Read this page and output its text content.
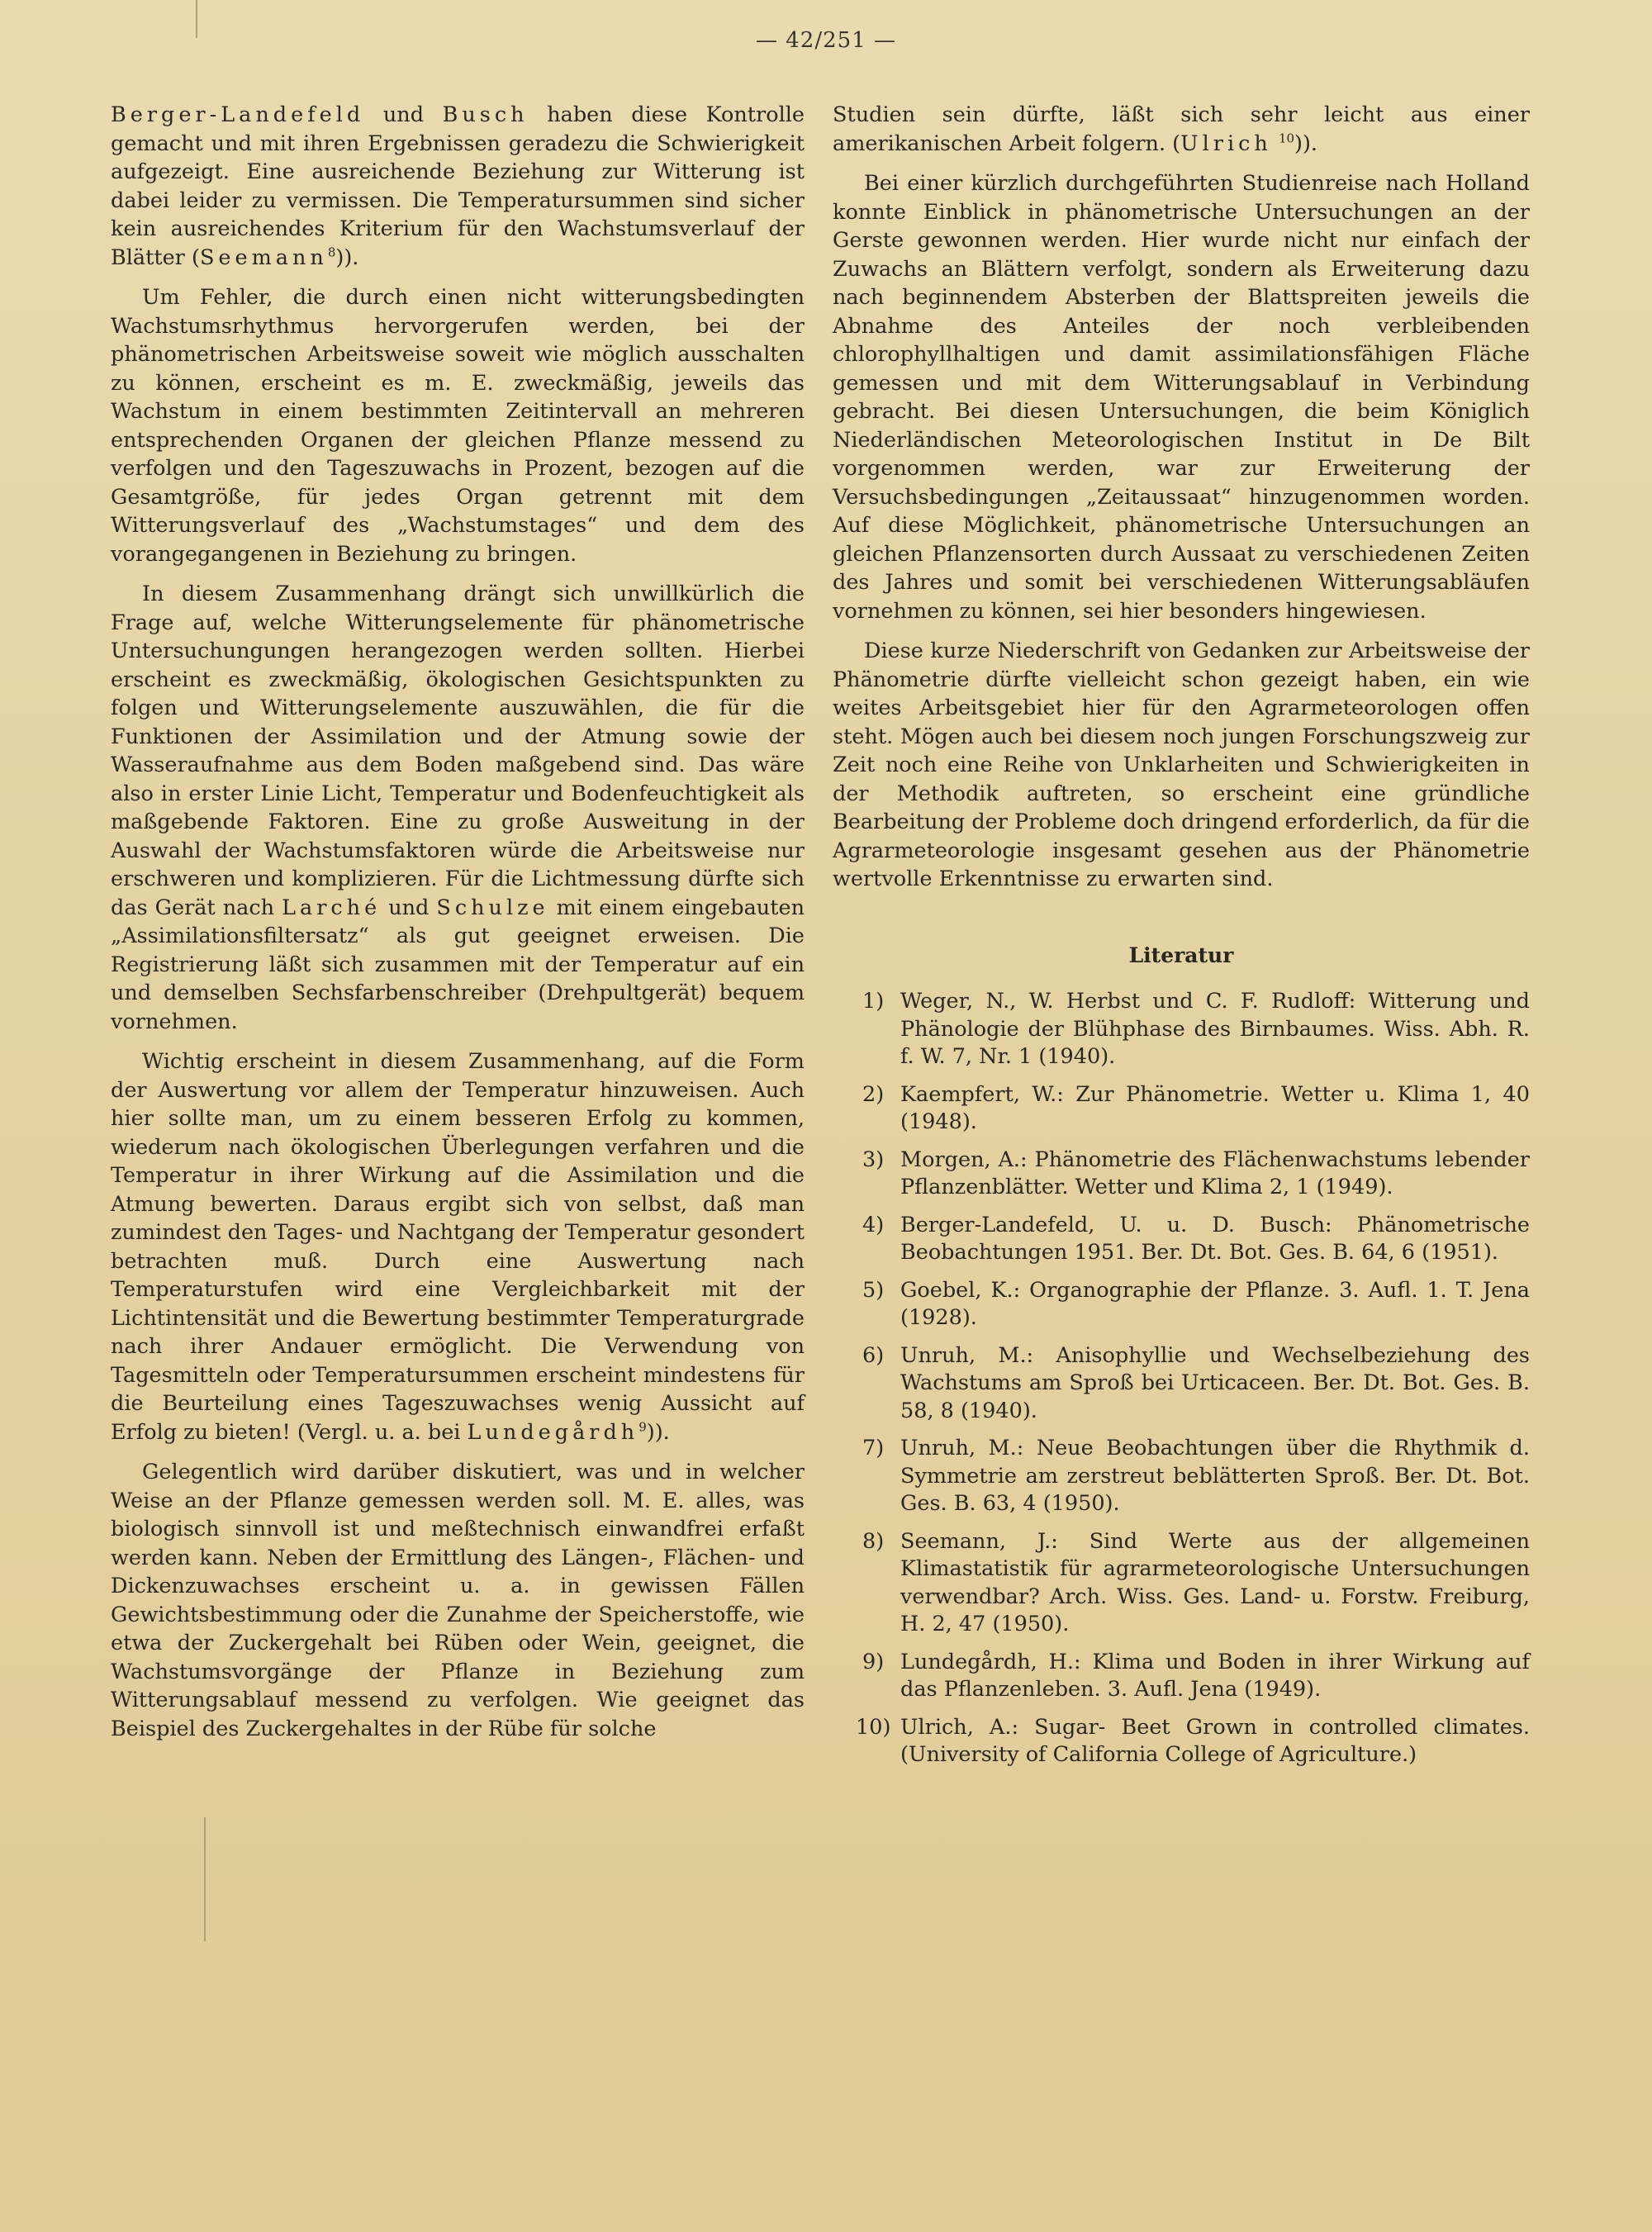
— 42/251 —

Berger-Landefeld und Busch haben diese Kontrolle gemacht und mit ihren Ergebnissen geradezu die Schwierigkeit aufgezeigt. Eine ausreichende Beziehung zur Witterung ist dabei leider zu vermissen. Die Temperatursummen sind sicher kein ausreichendes Kriterium für den Wachstumsverlauf der Blätter (Seemann$^8$)).

Um Fehler, die durch einen nicht witterungsbedingten Wachstumsrhythmus hervorgerufen werden, bei der phänometrischen Arbeitsweise soweit wie möglich ausschalten zu können, erscheint es m. E. zweckmäßig, jeweils das Wachstum in einem bestimmten Zeitintervall an mehreren entsprechenden Organen der gleichen Pflanze messend zu verfolgen und den Tageszuwachs in Prozent, bezogen auf die Gesamtgröße, für jedes Organ getrennt mit dem Witterungsverlauf des „Wachstumstages“ und dem des vorangegangenen in Beziehung zu bringen.

In diesem Zusammenhang drängt sich unwillkürlich die Frage auf, welche Witterungselemente für phänometrische Untersuchungungen herangezogen werden sollten. Hierbei erscheint es zweckmäßig, ökologischen Gesichtspunkten zu folgen und Witterungselemente auszuwählen, die für die Funktionen der Assimilation und der Atmung sowie der Wasseraufnahme aus dem Boden maßgebend sind. Das wäre also in erster Linie Licht, Temperatur und Bodenfeuchtigkeit als maßgebende Faktoren. Eine zu große Ausweitung in der Auswahl der Wachstumsfaktoren würde die Arbeitsweise nur erschweren und komplizieren. Für die Lichtmessung dürfte sich das Gerät nach Larché und Schulze mit einem eingebauten „Assimilationsfiltersatz“ als gut geeignet erweisen. Die Registrierung läßt sich zusammen mit der Temperatur auf ein und demselben Sechsfarbenschreiber (Drehpultgerät) bequem vornehmen.

Wichtig erscheint in diesem Zusammenhang, auf die Form der Auswertung vor allem der Temperatur hinzuweisen. Auch hier sollte man, um zu einem besseren Erfolg zu kommen, wiederum nach ökologischen Überlegungen verfahren und die Temperatur in ihrer Wirkung auf die Assimilation und die Atmung bewerten. Daraus ergibt sich von selbst, daß man zumindest den Tages- und Nachtgang der Temperatur gesondert betrachten muß. Durch eine Auswertung nach Temperaturstufen wird eine Vergleichbarkeit mit der Lichtintensität und die Bewertung bestimmter Temperaturgrade nach ihrer Andauer ermöglicht. Die Verwendung von Tagesmitteln oder Temperatursummen erscheint mindestens für die Beurteilung eines Tageszuwachses wenig Aussicht auf Erfolg zu bieten! (Vergl. u. a. bei Lundegårdh$^9$)).

Gelegentlich wird darüber diskutiert, was und in welcher Weise an der Pflanze gemessen werden soll. M. E. alles, was biologisch sinnvoll ist und meßtechnisch einwandfrei erfaßt werden kann. Neben der Ermittlung des Längen-, Flächen- und Dickenzuwachses erscheint u. a. in gewissen Fällen Gewichtsbestimmung oder die Zunahme der Speicherstoffe, wie etwa der Zuckergehalt bei Rüben oder Wein, geeignet, die Wachstumsvorgänge der Pflanze in Beziehung zum Witterungsablauf messend zu verfolgen. Wie geeignet das Beispiel des Zuckergehaltes in der Rübe für solche

Studien sein dürfte, läßt sich sehr leicht aus einer amerikanischen Arbeit folgern. (Ulrich $^{10}$)).

Bei einer kürzlich durchgeführten Studienreise nach Holland konnte Einblick in phänometrische Untersuchungen an der Gerste gewonnen werden. Hier wurde nicht nur einfach der Zuwachs an Blättern verfolgt, sondern als Erweiterung dazu nach beginnendem Absterben der Blattspreiten jeweils die Abnahme des Anteiles der noch verbleibenden chlorophyllhaltigen und damit assimilationsfähigen Fläche gemessen und mit dem Witterungsablauf in Verbindung gebracht. Bei diesen Untersuchungen, die beim Königlich Niederländischen Meteorologischen Institut in De Bilt vorgenommen werden, war zur Erweiterung der Versuchsbedingungen „Zeitaussaat“ hinzugenommen worden. Auf diese Möglichkeit, phänometrische Untersuchungen an gleichen Pflanzensorten durch Aussaat zu verschiedenen Zeiten des Jahres und somit bei verschiedenen Witterungsabläufen vornehmen zu können, sei hier besonders hingewiesen.

Diese kurze Niederschrift von Gedanken zur Arbeitsweise der Phänometrie dürfte vielleicht schon gezeigt haben, ein wie weites Arbeitsgebiet hier für den Agrarmeteorologen offen steht. Mögen auch bei diesem noch jungen Forschungszweig zur Zeit noch eine Reihe von Unklarheiten und Schwierigkeiten in der Methodik auftreten, so erscheint eine gründliche Bearbeitung der Probleme doch dringend erforderlich, da für die Agrarmeteorologie insgesamt gesehen aus der Phänometrie wertvolle Erkenntnisse zu erwarten sind.

Literatur
1) Weger, N., W. Herbst und C. F. Rudloff: Witterung und Phänologie der Blühphase des Birnbaumes. Wiss. Abh. R. f. W. 7, Nr. 1 (1940).
2) Kaempfert, W.: Zur Phänometrie. Wetter u. Klima 1, 40 (1948).
3) Morgen, A.: Phänometrie des Flächenwachstums lebender Pflanzenblätter. Wetter und Klima 2, 1 (1949).
4) Berger-Landefeld, U. u. D. Busch: Phänometrische Beobachtungen 1951. Ber. Dt. Bot. Ges. B. 64, 6 (1951).
5) Goebel, K.: Organographie der Pflanze. 3. Aufl. 1. T. Jena (1928).
6) Unruh, M.: Anisophyllie und Wechselbeziehung des Wachstums am Sproß bei Urticaceen. Ber. Dt. Bot. Ges. B. 58, 8 (1940).
7) Unruh, M.: Neue Beobachtungen über die Rhythmik d. Symmetrie am zerstreut beblätterten Sproß. Ber. Dt. Bot. Ges. B. 63, 4 (1950).
8) Seemann, J.: Sind Werte aus der allgemeinen Klimastatistik für agrarmeteorologische Untersuchungen verwendbar? Arch. Wiss. Ges. Land- u. Forstw. Freiburg, H. 2, 47 (1950).
9) Lundegårdh, H.: Klima und Boden in ihrer Wirkung auf das Pflanzenleben. 3. Aufl. Jena (1949).
10) Ulrich, A.: Sugar- Beet Grown in controlled climates. (University of California College of Agriculture.)
